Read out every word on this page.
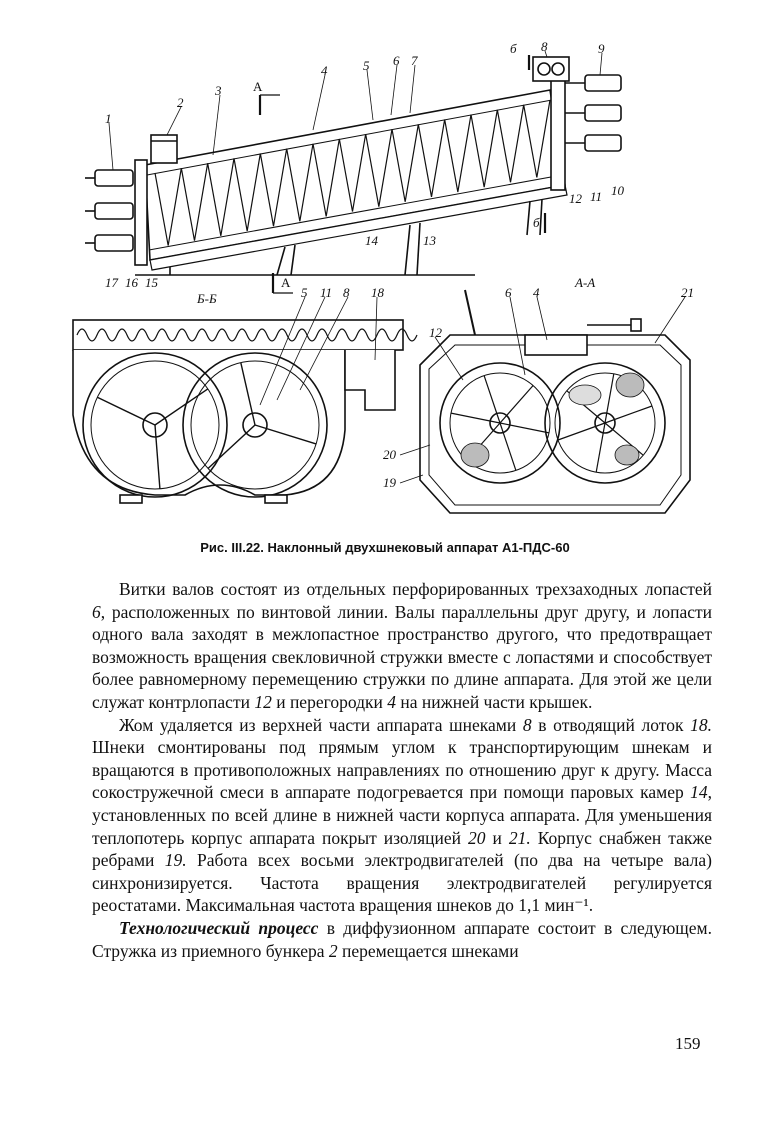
1
2
3
4	5 6 7
8	9
А
А
б
б
10
11
12
13
14
15
16
17
Б-Б	5 11 8 18
А-А
6 4	21
12
20
19
Рис. III.22. Наклонный двухшнековый аппарат А1-ПДС-60

Витки валов состоят из отдельных перфорированных трехзаходных лопастей 6, расположенных по винтовой линии. Валы параллельны друг другу, и лопасти одного вала заходят в межлопастное пространство другого, что предотвращает возможность вращения свекловичной стружки вместе с лопастями и способствует более равномерному перемещению стружки по длине аппарата. Для этой же цели служат контрлопасти 12 и перегородки 4 на нижней части крышек.

Жом удаляется из верхней части аппарата шнеками 8 в отводящий лоток 18. Шнеки смонтированы под прямым углом к транспортирующим шнекам и вращаются в противоположных направлениях по отношению друг к другу. Масса сокостружечной смеси в аппарате подогревается при помощи паровых камер 14, установленных по всей длине в нижней части корпуса аппарата. Для уменьшения теплопотерь корпус аппарата покрыт изоляцией 20 и 21. Корпус снабжен также ребрами 19. Работа всех восьми электродвигателей (по два на четыре вала) синхронизируется. Частота вращения электродвигателей регулируется реостатами. Максимальная частота вращения шнеков до 1,1 мин⁻¹.

Технологический процесс в диффузионном аппарате состоит в следующем. Стружка из приемного бункера 2 перемещается шнеками

159
